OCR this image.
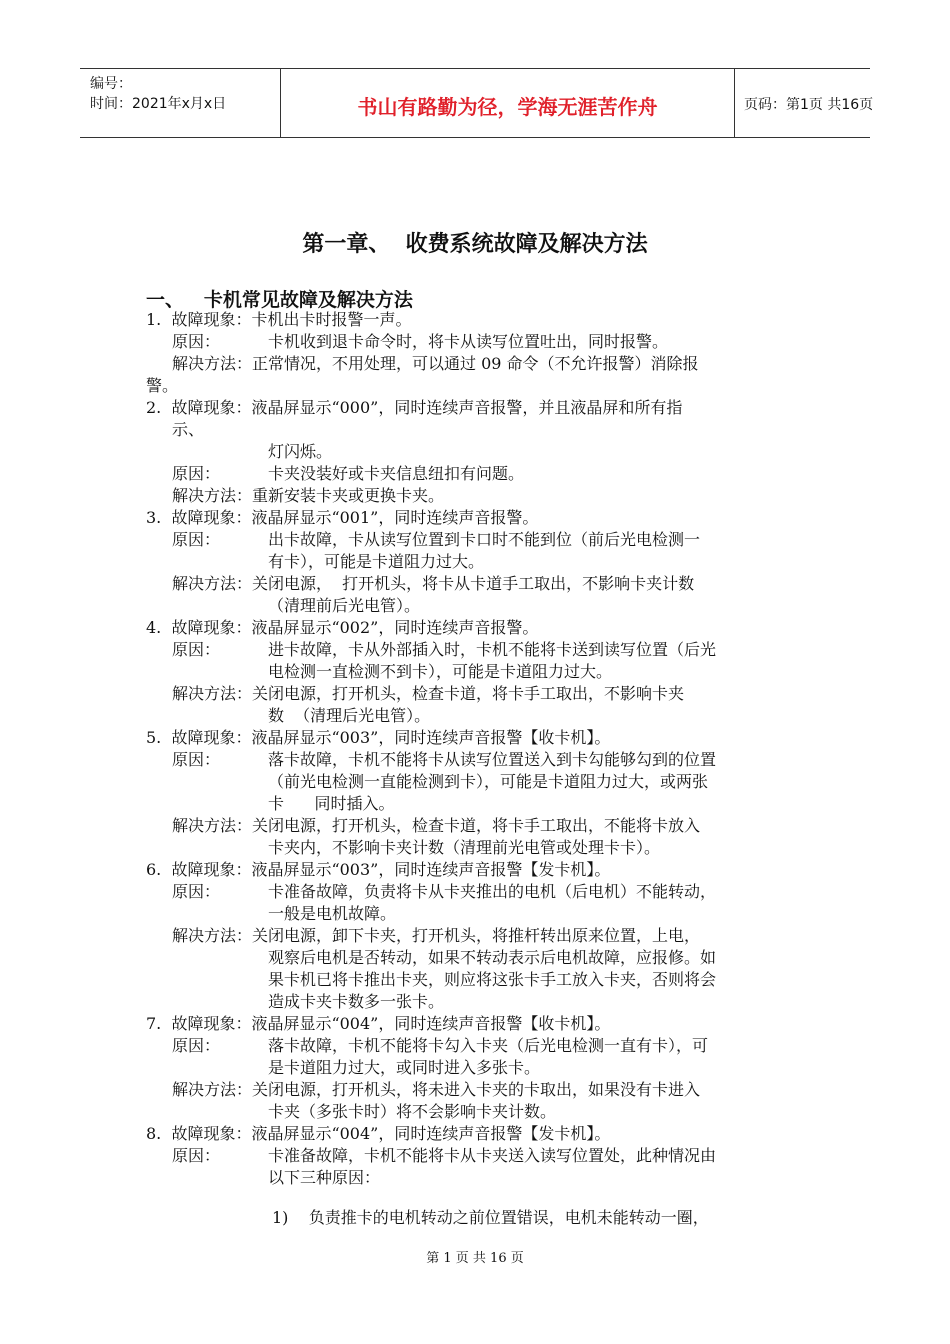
编号：
时间：2021年x月x日	书山有路勤为径，学海无涯苦作舟	页码：第1页 共16页
第一章、  收费系统故障及解决方法
一、   卡机常见故障及解决方法
1.  故障现象：卡机出卡时报警一声。
原因：	卡机收到退卡命令时，将卡从读写位置吐出，同时报警。
解决方法：正常情况，不用处理，可以通过 09 命令（不允许报警）消除报
警。
2.  故障现象：液晶屏显示“000”，同时连续声音报警，并且液晶屏和所有指
示、
灯闪烁。
原因：	卡夹没装好或卡夹信息纽扣有问题。
解决方法：重新安装卡夹或更换卡夹。
3.  故障现象：液晶屏显示“001”，同时连续声音报警。
原因：	出卡故障，卡从读写位置到卡口时不能到位（前后光电检测一
有卡），可能是卡道阻力过大。
解决方法：关闭电源，  打开机头，将卡从卡道手工取出，不影响卡夹计数
（清理前后光电管）。
4.  故障现象：液晶屏显示“002”，同时连续声音报警。
原因：	进卡故障，卡从外部插入时，卡机不能将卡送到读写位置（后光
电检测一直检测不到卡），可能是卡道阻力过大。
解决方法：关闭电源，打开机头，检查卡道，将卡手工取出，不影响卡夹
数  （清理后光电管）。
5.  故障现象：液晶屏显示“003”，同时连续声音报警【收卡机】。
原因：	落卡故障，卡机不能将卡从读写位置送入到卡勾能够勾到的位置
（前光电检测一直能检测到卡），可能是卡道阻力过大，或两张
卡      同时插入。
解决方法：关闭电源，打开机头，检查卡道，将卡手工取出，不能将卡放入
卡夹内，不影响卡夹计数（清理前光电管或处理卡卡）。
6.  故障现象：液晶屏显示“003”，同时连续声音报警【发卡机】。
原因：	卡准备故障，负责将卡从卡夹推出的电机（后电机）不能转动，
一般是电机故障。
解决方法：关闭电源，卸下卡夹，打开机头，将推杆转出原来位置，上电，
观察后电机是否转动，如果不转动表示后电机故障，应报修。如
果卡机已将卡推出卡夹，则应将这张卡手工放入卡夹，否则将会
造成卡夹卡数多一张卡。
7.  故障现象：液晶屏显示“004”，同时连续声音报警【收卡机】。
原因：	落卡故障，卡机不能将卡勾入卡夹（后光电检测一直有卡），可
是卡道阻力过大，或同时进入多张卡。
解决方法：关闭电源，打开机头，将未进入卡夹的卡取出，如果没有卡进入
卡夹（多张卡时）将不会影响卡夹计数。
8.  故障现象：液晶屏显示“004”，同时连续声音报警【发卡机】。
原因：	卡准备故障，卡机不能将卡从卡夹送入读写位置处，此种情况由
以下三种原因：
1)    负责推卡的电机转动之前位置错误，电机未能转动一圈，
第 1 页 共 16 页
